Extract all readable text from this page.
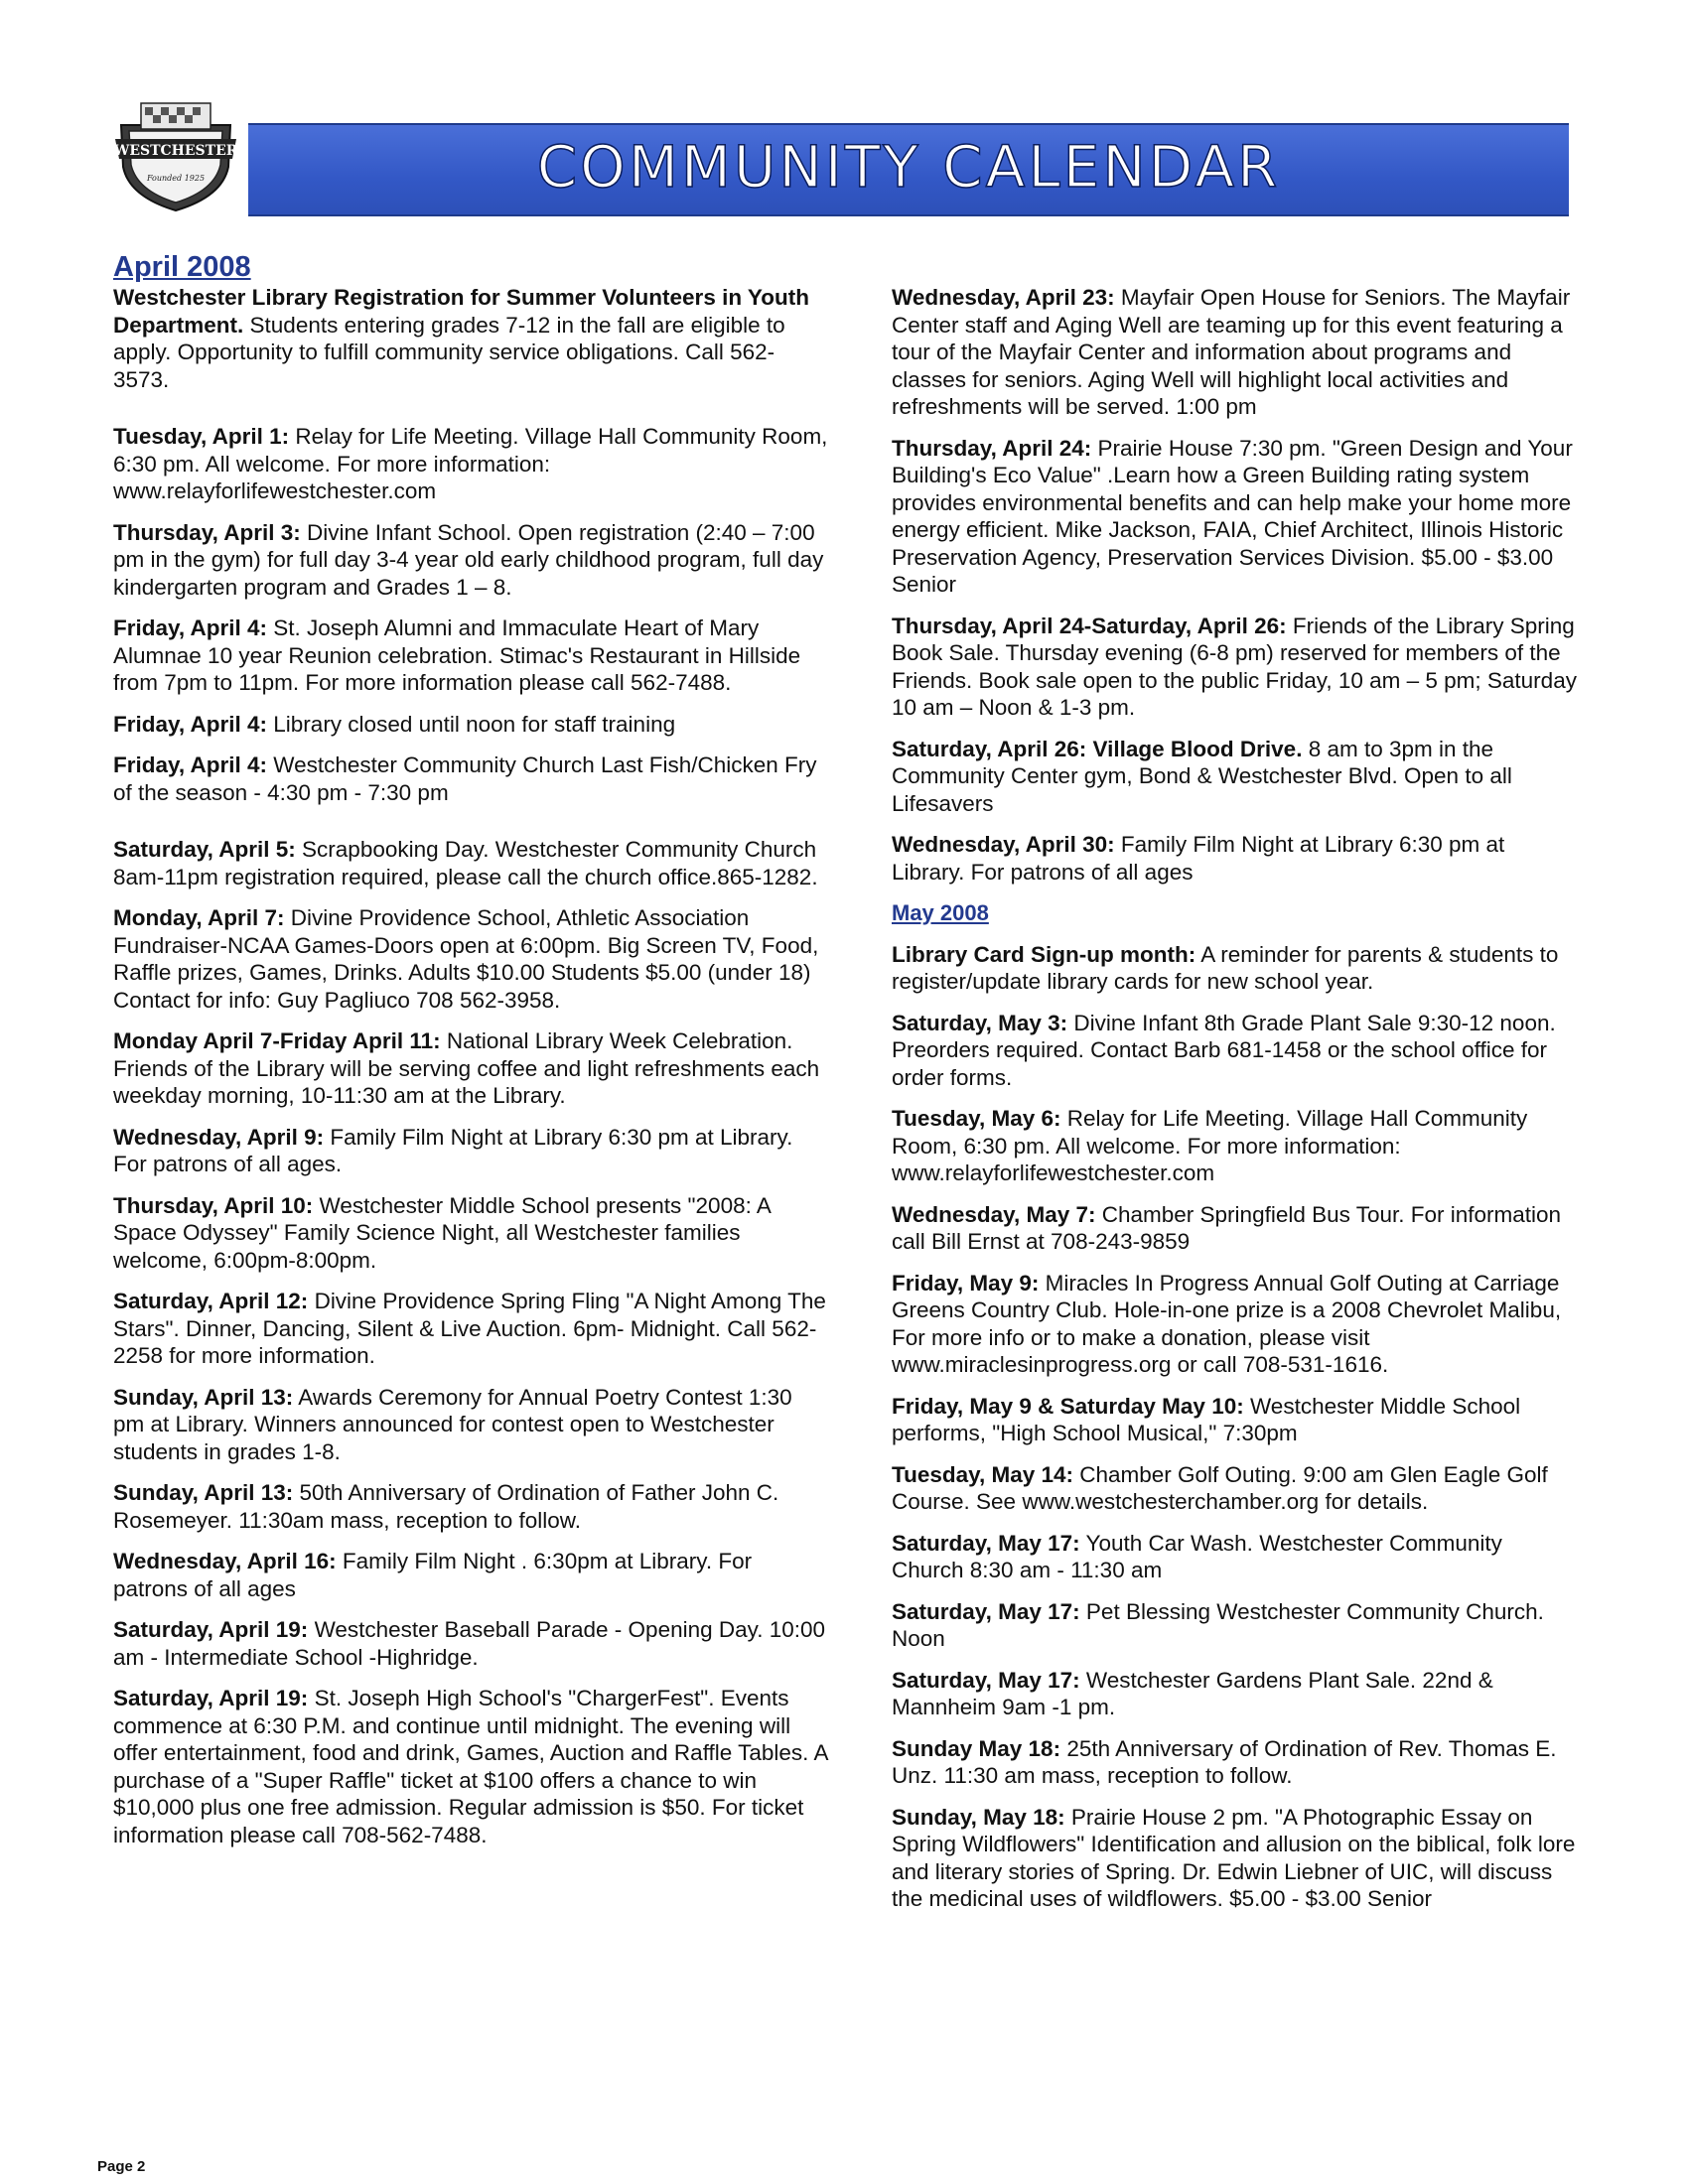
WESTCHESTER
Founded 1925	COMMUNITY CALENDAR
April 2008
Westchester Library Registration for Summer Volunteers in Youth Department. Students entering grades 7-12 in the fall are eligible to apply. Opportunity to fulfill community service obligations. Call 562-3573.
Tuesday, April 1: Relay for Life Meeting. Village Hall Community Room, 6:30 pm. All welcome. For more information: www.relayforlifewestchester.com
Thursday, April 3: Divine Infant School. Open registration (2:40 – 7:00 pm in the gym) for full day 3-4 year old early childhood program, full day kindergarten program and Grades 1 – 8.
Friday, April 4: St. Joseph Alumni and Immaculate Heart of Mary Alumnae 10 year Reunion celebration. Stimac's Restaurant in Hillside from 7pm to 11pm. For more information please call 562-7488.
Friday, April 4: Library closed until noon for staff training
Friday, April 4: Westchester Community Church Last Fish/Chicken Fry of the season - 4:30 pm - 7:30 pm
Saturday, April 5: Scrapbooking Day. Westchester Community Church 8am-11pm registration required, please call the church office.865-1282.
Monday, April 7: Divine Providence School, Athletic Association Fundraiser-NCAA Games-Doors open at 6:00pm. Big Screen TV, Food, Raffle prizes, Games, Drinks. Adults $10.00 Students $5.00 (under 18) Contact for info: Guy Pagliuco 708 562-3958.
Monday April 7-Friday April 11: National Library Week Celebration. Friends of the Library will be serving coffee and light refreshments each weekday morning, 10-11:30 am at the Library.
Wednesday, April 9: Family Film Night at Library 6:30 pm at Library. For patrons of all ages.
Thursday, April 10: Westchester Middle School presents "2008: A Space Odyssey" Family Science Night, all Westchester families welcome, 6:00pm-8:00pm.
Saturday, April 12: Divine Providence Spring Fling "A Night Among The Stars". Dinner, Dancing, Silent & Live Auction. 6pm- Midnight. Call 562-2258 for more information.
Sunday, April 13: Awards Ceremony for Annual Poetry Contest 1:30 pm at Library. Winners announced for contest open to Westchester students in grades 1-8.
Sunday, April 13: 50th Anniversary of Ordination of Father John C. Rosemeyer. 11:30am mass, reception to follow.
Wednesday, April 16: Family Film Night . 6:30pm at Library. For patrons of all ages
Saturday, April 19: Westchester Baseball Parade - Opening Day. 10:00 am - Intermediate School -Highridge.
Saturday, April 19: St. Joseph High School's "ChargerFest". Events commence at 6:30 P.M. and continue until midnight. The evening will offer entertainment, food and drink, Games, Auction and Raffle Tables. A purchase of a "Super Raffle" ticket at $100 offers a chance to win $10,000 plus one free admission. Regular admission is $50. For ticket information please call 708-562-7488.
Wednesday, April 23: Mayfair Open House for Seniors. The Mayfair Center staff and Aging Well are teaming up for this event featuring a tour of the Mayfair Center and information about programs and classes for seniors. Aging Well will highlight local activities and refreshments will be served. 1:00 pm
Thursday, April 24: Prairie House 7:30 pm. "Green Design and Your Building's Eco Value" .Learn how a Green Building rating system provides environmental benefits and can help make your home more energy efficient. Mike Jackson, FAIA, Chief Architect, Illinois Historic Preservation Agency, Preservation Services Division. $5.00 - $3.00 Senior
Thursday, April 24-Saturday, April 26: Friends of the Library Spring Book Sale. Thursday evening (6-8 pm) reserved for members of the Friends. Book sale open to the public Friday, 10 am – 5 pm; Saturday 10 am – Noon & 1-3 pm.
Saturday, April 26: Village Blood Drive. 8 am to 3pm in the Community Center gym, Bond & Westchester Blvd. Open to all Lifesavers
Wednesday, April 30: Family Film Night at Library 6:30 pm at Library. For patrons of all ages
May 2008
Library Card Sign-up month: A reminder for parents & students to register/update library cards for new school year.
Saturday, May 3: Divine Infant 8th Grade Plant Sale 9:30-12 noon. Preorders required. Contact Barb 681-1458 or the school office for order forms.
Tuesday, May 6: Relay for Life Meeting. Village Hall Community Room, 6:30 pm. All welcome. For more information: www.relayforlifewestchester.com
Wednesday, May 7: Chamber Springfield Bus Tour. For information call Bill Ernst at 708-243-9859
Friday, May 9: Miracles In Progress Annual Golf Outing at Carriage Greens Country Club. Hole-in-one prize is a 2008 Chevrolet Malibu, For more info or to make a donation, please visit www.miraclesinprogress.org or call 708-531-1616.
Friday, May 9 & Saturday May 10: Westchester Middle School performs, "High School Musical," 7:30pm
Tuesday, May 14: Chamber Golf Outing. 9:00 am Glen Eagle Golf Course. See www.westchesterchamber.org for details.
Saturday, May 17: Youth Car Wash. Westchester Community Church 8:30 am - 11:30 am
Saturday, May 17: Pet Blessing Westchester Community Church. Noon
Saturday, May 17: Westchester Gardens Plant Sale. 22nd & Mannheim 9am -1 pm.
Sunday May 18: 25th Anniversary of Ordination of Rev. Thomas E. Unz. 11:30 am mass, reception to follow.
Sunday, May 18: Prairie House 2 pm. "A Photographic Essay on Spring Wildflowers" Identification and allusion on the biblical, folk lore and literary stories of Spring. Dr. Edwin Liebner of UIC, will discuss the medicinal uses of wildflowers. $5.00 - $3.00 Senior
Page 2
